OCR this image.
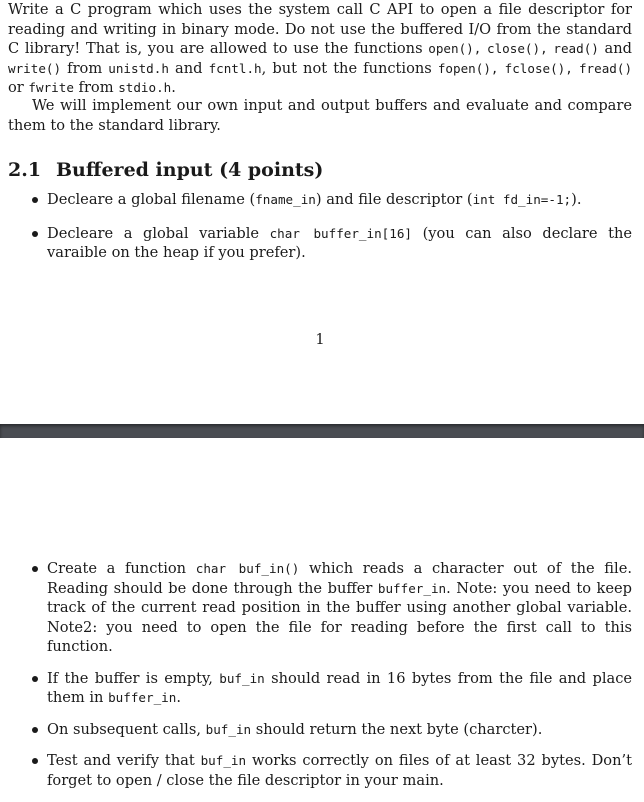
Write a C program which uses the system call C API to open a file descriptor for reading and writing in binary mode. Do not use the buffered I/O from the standard C library! That is, you are allowed to use the functions open(), close(), read() and write() from unistd.h and fcntl.h, but not the functions fopen(), fclose(), fread() or fwrite from stdio.h.

We will implement our own input and output buffers and evaluate and compare them to the standard library.

2.1 Buffered input (4 points)

Decleare a global filename (fname_in) and file descriptor (int fd_in=-1;).

Decleare a global variable char buffer_in[16] (you can also declare the varaible on the heap if you prefer).

1

Create a function char buf_in() which reads a character out of the file. Reading should be done through the buffer buffer_in. Note: you need to keep track of the current read position in the buffer using another global variable. Note2: you need to open the file for reading before the first call to this function.

If the buffer is empty, buf_in should read in 16 bytes from the file and place them in buffer_in.

On subsequent calls, buf_in should return the next byte (charcter).

Test and verify that buf_in works correctly on files of at least 32 bytes. Don’t forget to open / close the file descriptor in your main.
